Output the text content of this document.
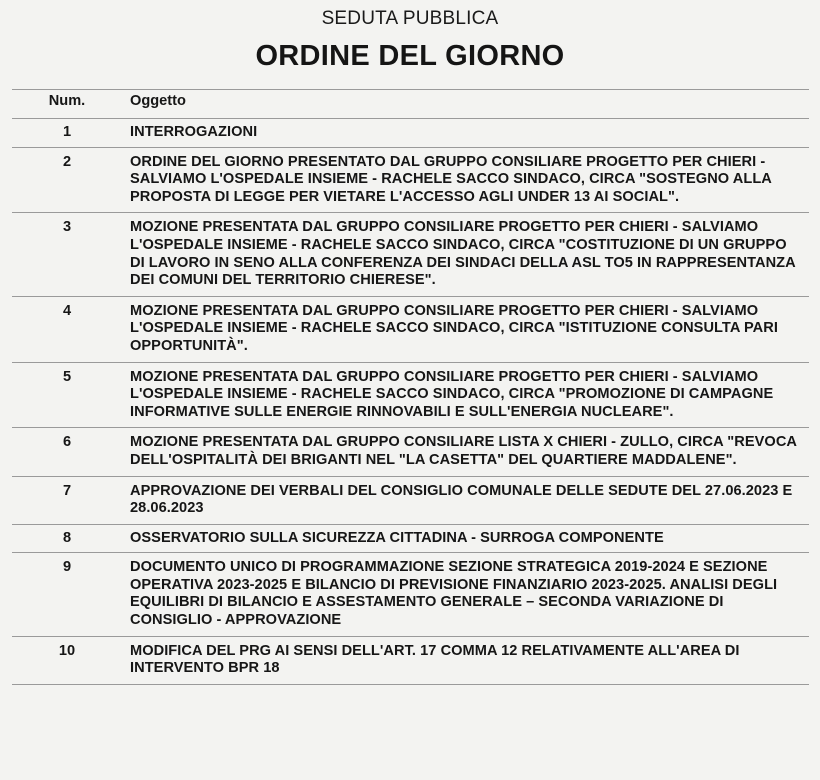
SEDUTA PUBBLICA
ORDINE DEL GIORNO
Num.	Oggetto
1	INTERROGAZIONI
2	ORDINE DEL GIORNO PRESENTATO DAL GRUPPO CONSILIARE PROGETTO PER CHIERI - SALVIAMO L'OSPEDALE INSIEME - RACHELE SACCO SINDACO, CIRCA "SOSTEGNO ALLA PROPOSTA DI LEGGE PER VIETARE L'ACCESSO AGLI UNDER 13 AI SOCIAL".
3	MOZIONE PRESENTATA DAL GRUPPO CONSILIARE PROGETTO PER CHIERI - SALVIAMO L'OSPEDALE INSIEME - RACHELE SACCO SINDACO, CIRCA "COSTITUZIONE DI UN GRUPPO DI LAVORO IN SENO ALLA CONFERENZA DEI SINDACI DELLA ASL TO5 IN RAPPRESENTANZA DEI COMUNI DEL TERRITORIO CHIERESE".
4	MOZIONE PRESENTATA DAL GRUPPO CONSILIARE PROGETTO PER CHIERI - SALVIAMO L'OSPEDALE INSIEME - RACHELE SACCO SINDACO, CIRCA "ISTITUZIONE CONSULTA PARI OPPORTUNITÀ".
5	MOZIONE PRESENTATA DAL GRUPPO CONSILIARE PROGETTO PER CHIERI - SALVIAMO L'OSPEDALE INSIEME - RACHELE SACCO SINDACO, CIRCA "PROMOZIONE DI CAMPAGNE INFORMATIVE SULLE ENERGIE RINNOVABILI E SULL'ENERGIA NUCLEARE".
6	MOZIONE PRESENTATA DAL GRUPPO CONSILIARE LISTA X CHIERI - ZULLO, CIRCA "REVOCA DELL'OSPITALITÀ DEI BRIGANTI NEL "LA CASETTA" DEL QUARTIERE MADDALENE".
7	APPROVAZIONE DEI VERBALI DEL CONSIGLIO COMUNALE DELLE SEDUTE DEL 27.06.2023 E 28.06.2023
8	OSSERVATORIO SULLA SICUREZZA CITTADINA - SURROGA COMPONENTE
9	DOCUMENTO UNICO DI PROGRAMMAZIONE SEZIONE STRATEGICA 2019-2024 E SEZIONE OPERATIVA 2023-2025 E BILANCIO DI PREVISIONE FINANZIARIO 2023-2025. ANALISI DEGLI EQUILIBRI DI BILANCIO E ASSESTAMENTO GENERALE – SECONDA VARIAZIONE DI CONSIGLIO - APPROVAZIONE
10	MODIFICA DEL PRG AI SENSI DELL'ART. 17 COMMA 12 RELATIVAMENTE ALL'AREA DI INTERVENTO BPR 18
